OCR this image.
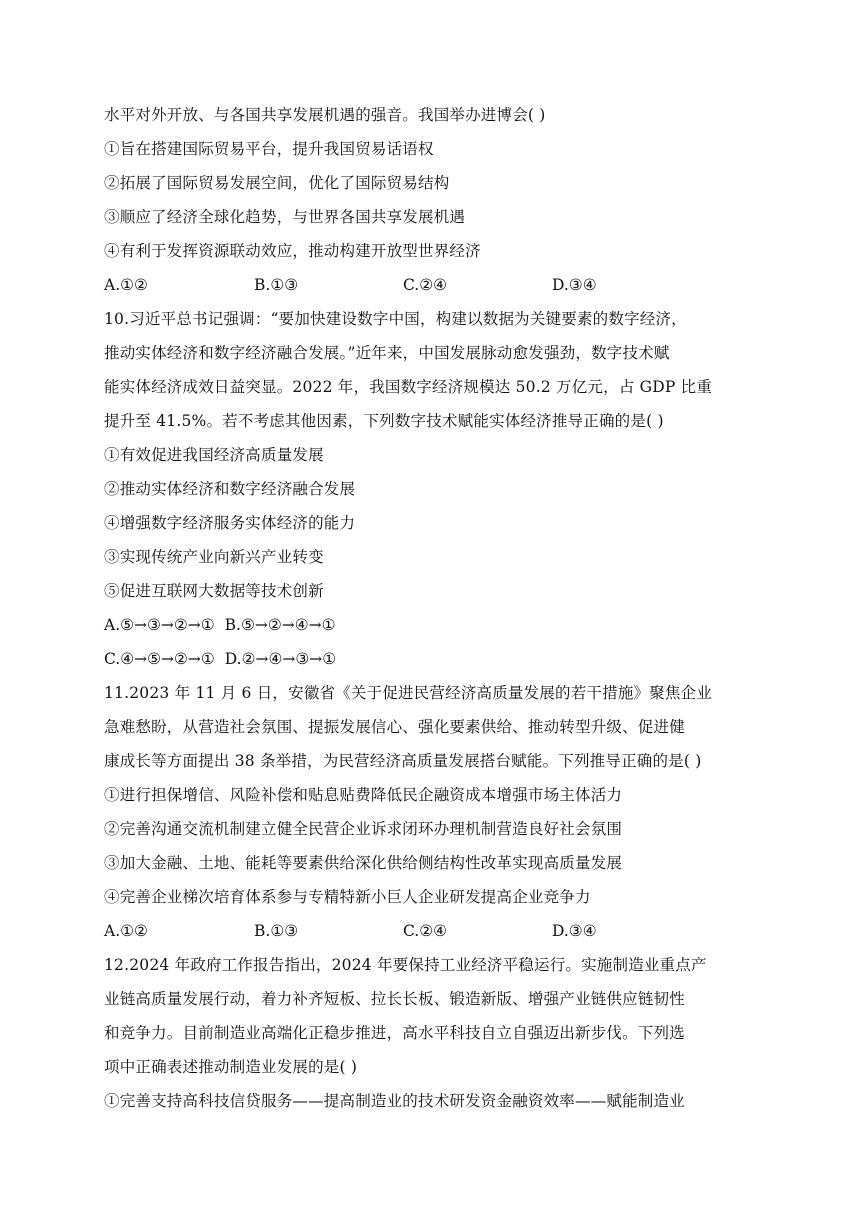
水平对外开放、与各国共享发展机遇的强音。我国举办进博会( )
①旨在搭建国际贸易平台，提升我国贸易话语权
②拓展了国际贸易发展空间，优化了国际贸易结构
③顺应了经济全球化趋势，与世界各国共享发展机遇
④有利于发挥资源联动效应，推动构建开放型世界经济
A.①②	B.①③	C.②④	D.③④
10.习近平总书记强调：“要加快建设数字中国，构建以数据为关键要素的数字经济，
推动实体经济和数字经济融合发展。”近年来，中国发展脉动愈发强劲，数字技术赋
能实体经济成效日益突显。2022 年，我国数字经济规模达 50.2 万亿元，占 GDP 比重
提升至 41.5%。若不考虑其他因素，下列数字技术赋能实体经济推导正确的是( )
①有效促进我国经济高质量发展
②推动实体经济和数字经济融合发展
④增强数字经济服务实体经济的能力
③实现传统产业向新兴产业转变
⑤促进互联网大数据等技术创新
A.⑤→③→②→① B.⑤→②→④→①
C.④→⑤→②→① D.②→④→③→①
11.2023 年 11 月 6 日，安徽省《关于促进民营经济高质量发展的若干措施》聚焦企业
急难愁盼，从营造社会氛围、提振发展信心、强化要素供给、推动转型升级、促进健
康成长等方面提出 38 条举措，为民营经济高质量发展搭台赋能。下列推导正确的是( )
①进行担保增信、风险补偿和贴息贴费降低民企融资成本增强市场主体活力
②完善沟通交流机制建立健全民营企业诉求闭环办理机制营造良好社会氛围
③加大金融、土地、能耗等要素供给深化供给侧结构性改革实现高质量发展
④完善企业梯次培育体系参与专精特新小巨人企业研发提高企业竞争力
A.①②	B.①③	C.②④	D.③④
12.2024 年政府工作报告指出，2024 年要保持工业经济平稳运行。实施制造业重点产
业链高质量发展行动，着力补齐短板、拉长长板、锻造新版、增强产业链供应链韧性
和竞争力。目前制造业高端化正稳步推进，高水平科技自立自强迈出新步伐。下列选
项中正确表述推动制造业发展的是( )
①完善支持高科技信贷服务——提高制造业的技术研发资金融资效率——赋能制造业
